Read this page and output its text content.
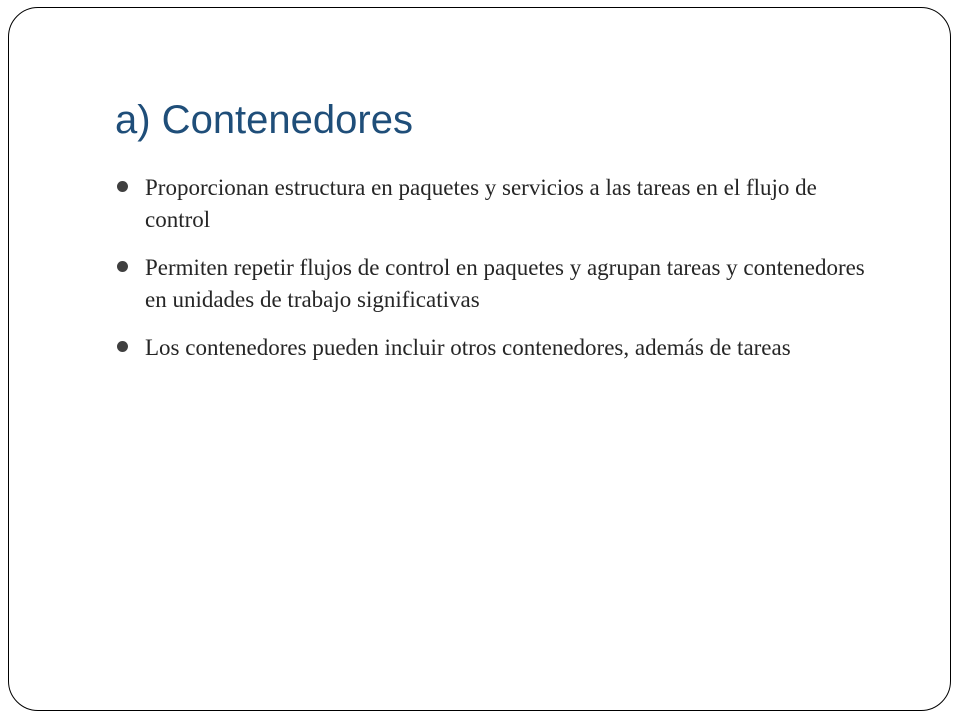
a) Contenedores
Proporcionan estructura en paquetes y servicios a las tareas en el flujo de control
Permiten repetir flujos de control en paquetes y agrupan tareas y contenedores en unidades de trabajo significativas
Los contenedores pueden incluir otros contenedores, además de tareas
